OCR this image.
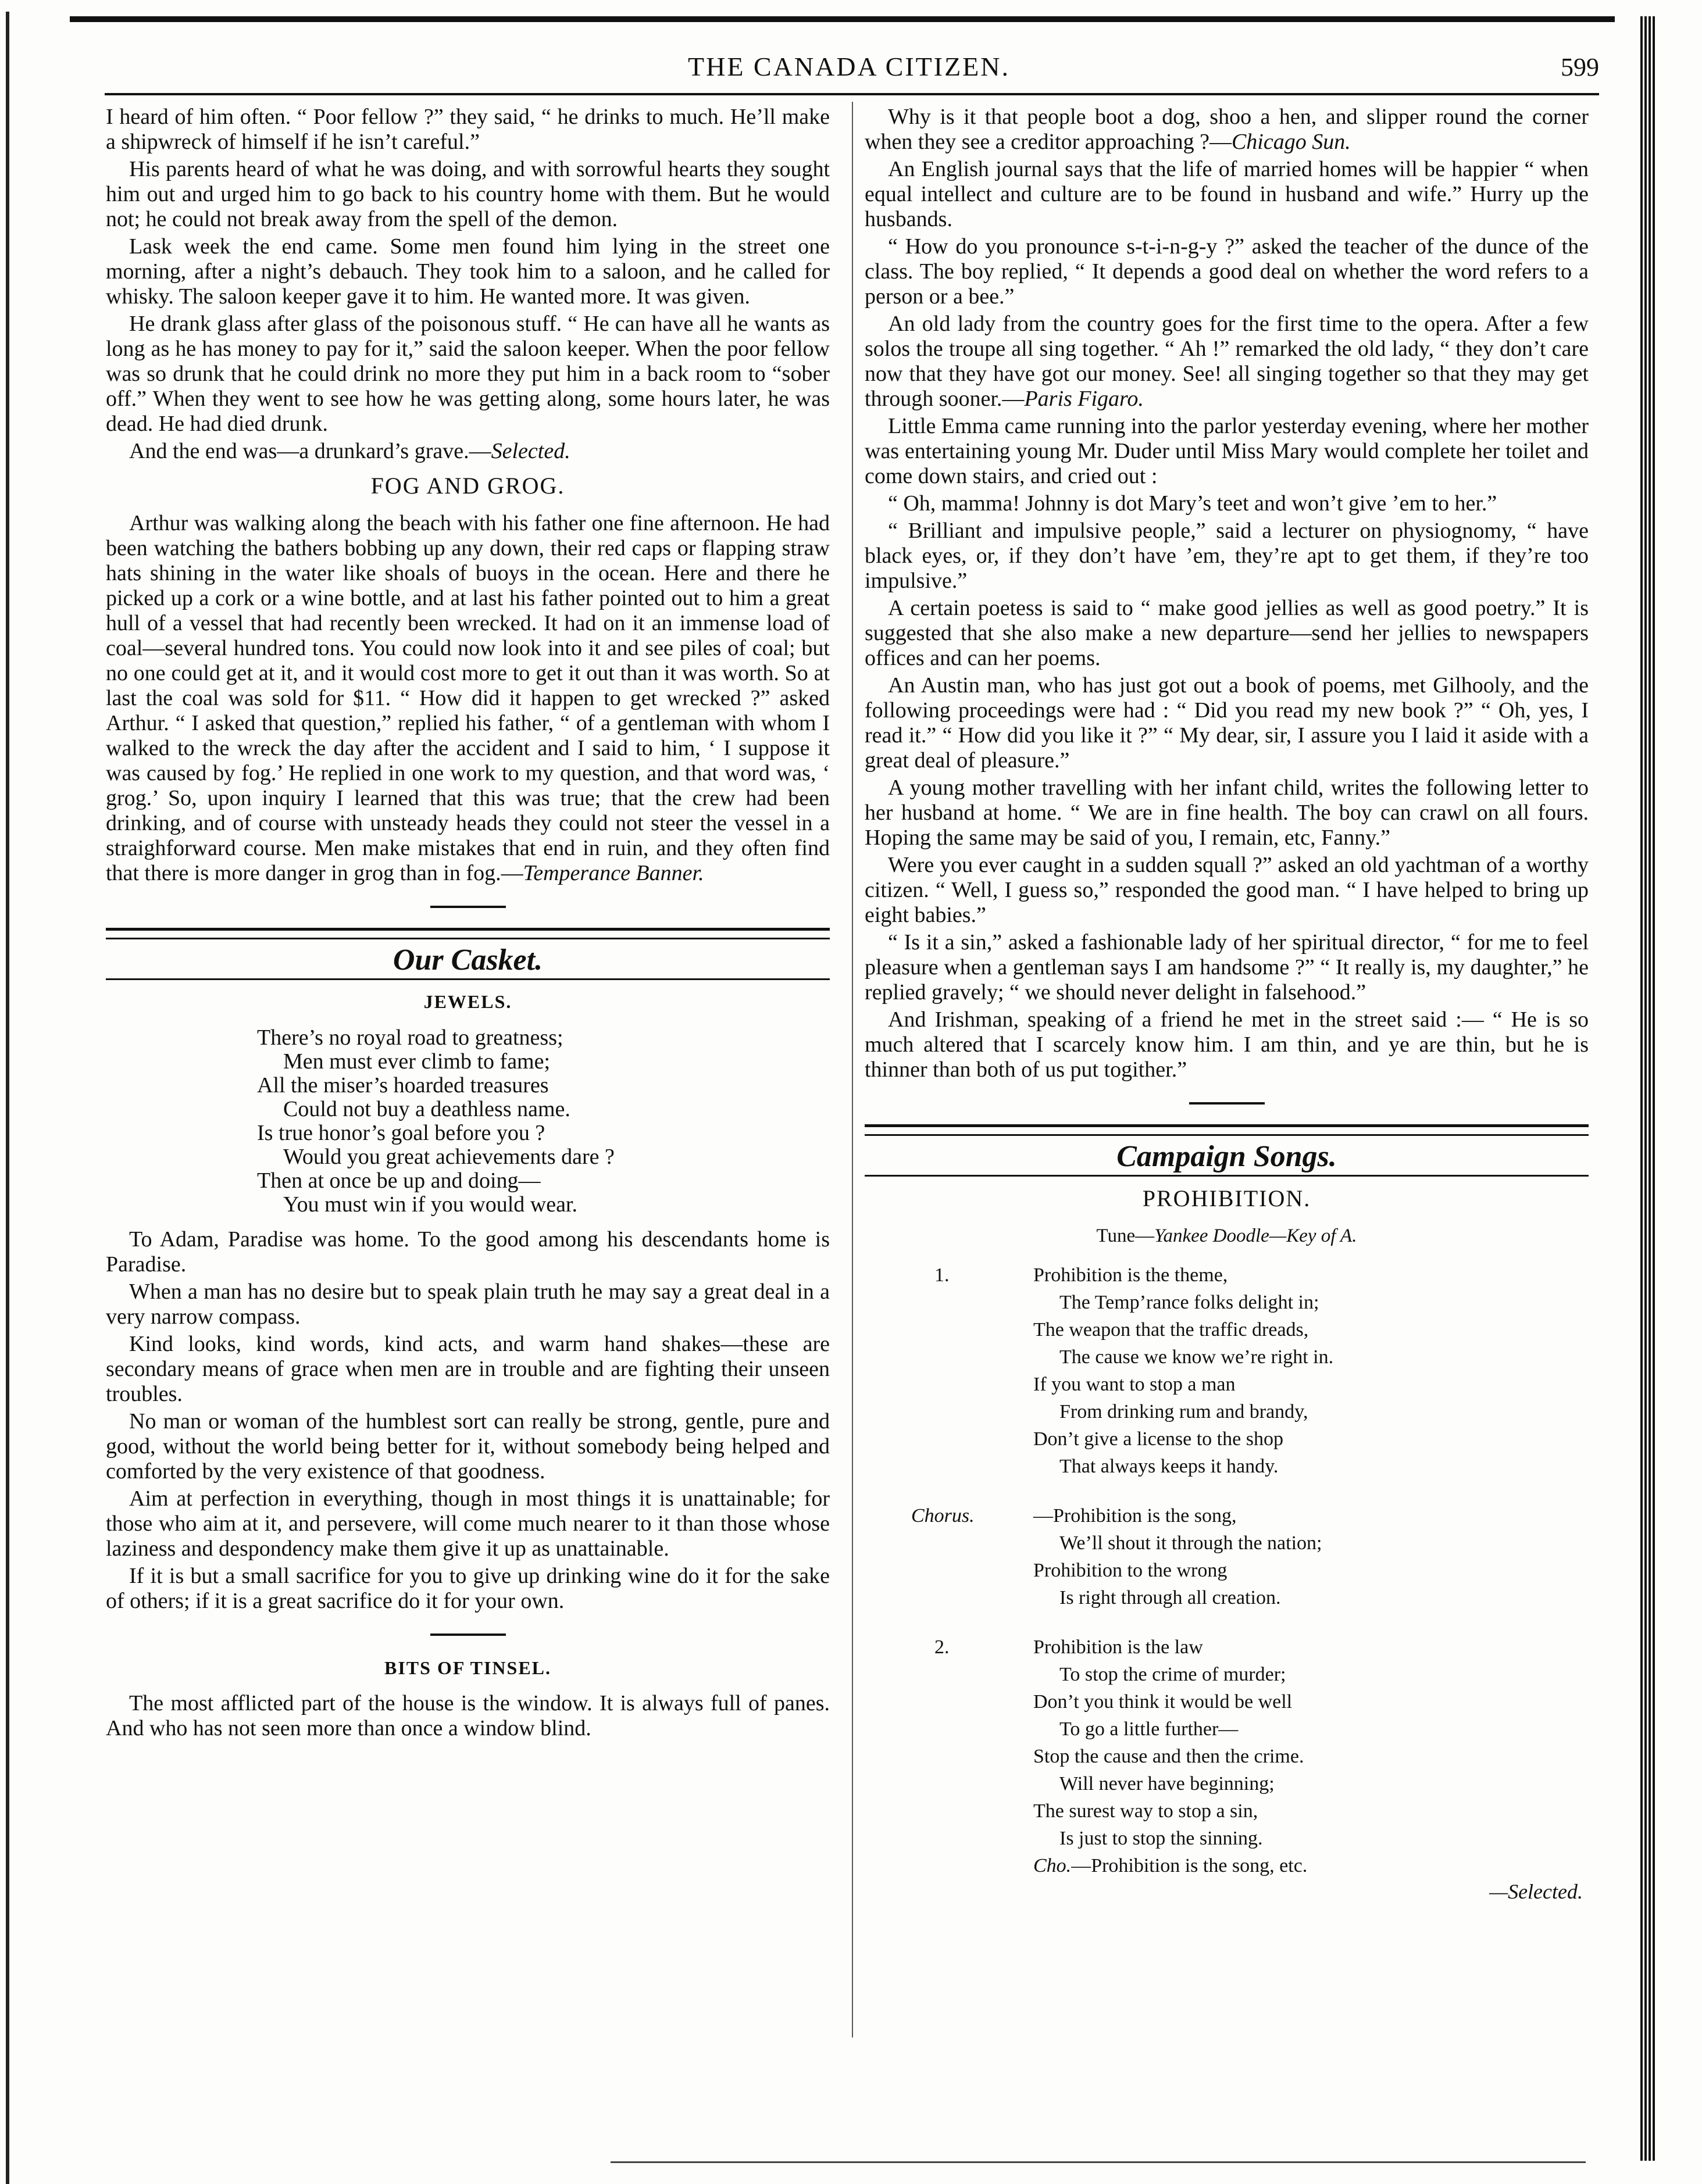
THE CANADA CITIZEN.	599

I heard of him often. “ Poor fellow ?” they said, “ he drinks to much. He’ll make a shipwreck of himself if he isn’t careful.”

His parents heard of what he was doing, and with sorrowful hearts they sought him out and urged him to go back to his country home with them. But he would not; he could not break away from the spell of the demon.

Lask week the end came. Some men found him lying in the street one morning, after a night’s debauch. They took him to a saloon, and he called for whisky. The saloon keeper gave it to him. He wanted more. It was given.

He drank glass after glass of the poisonous stuff. “ He can have all he wants as long as he has money to pay for it,” said the saloon keeper. When the poor fellow was so drunk that he could drink no more they put him in a back room to “sober off.” When they went to see how he was getting along, some hours later, he was dead. He had died drunk.

And the end was—a drunkard’s grave.—Selected.

FOG AND GROG.

Arthur was walking along the beach with his father one fine afternoon. He had been watching the bathers bobbing up any down, their red caps or flapping straw hats shining in the water like shoals of buoys in the ocean. Here and there he picked up a cork or a wine bottle, and at last his father pointed out to him a great hull of a vessel that had recently been wrecked. It had on it an immense load of coal—several hundred tons. You could now look into it and see piles of coal; but no one could get at it, and it would cost more to get it out than it was worth. So at last the coal was sold for $11. “ How did it happen to get wrecked ?” asked Arthur. “ I asked that question,” replied his father, “ of a gentleman with whom I walked to the wreck the day after the accident and I said to him, ‘ I suppose it was caused by fog.’ He replied in one work to my question, and that word was, ‘ grog.’ So, upon inquiry I learned that this was true; that the crew had been drinking, and of course with unsteady heads they could not steer the vessel in a straighforward course. Men make mistakes that end in ruin, and they often find that there is more danger in grog than in fog.—Temperance Banner.

Our Casket.
JEWELS.
There’s no royal road to greatness;
Men must ever climb to fame;
All the miser’s hoarded treasures
Could not buy a deathless name.
Is true honor’s goal before you ?
Would you great achievements dare ?
Then at once be up and doing—
You must win if you would wear.

To Adam, Paradise was home. To the good among his descendants home is Paradise.

When a man has no desire but to speak plain truth he may say a great deal in a very narrow compass.

Kind looks, kind words, kind acts, and warm hand shakes—these are secondary means of grace when men are in trouble and are fighting their unseen troubles.

No man or woman of the humblest sort can really be strong, gentle, pure and good, without the world being better for it, without somebody being helped and comforted by the very existence of that goodness.

Aim at perfection in everything, though in most things it is unattainable; for those who aim at it, and persevere, will come much nearer to it than those whose laziness and despondency make them give it up as unattainable.

If it is but a small sacrifice for you to give up drinking wine do it for the sake of others; if it is a great sacrifice do it for your own.

BITS OF TINSEL.

The most afflicted part of the house is the window. It is always full of panes. And who has not seen more than once a window blind.

Why is it that people boot a dog, shoo a hen, and slipper round the corner when they see a creditor approaching ?—Chicago Sun.

An English journal says that the life of married homes will be happier “ when equal intellect and culture are to be found in husband and wife.” Hurry up the husbands.

“ How do you pronounce s-t-i-n-g-y ?” asked the teacher of the dunce of the class. The boy replied, “ It depends a good deal on whether the word refers to a person or a bee.”

An old lady from the country goes for the first time to the opera. After a few solos the troupe all sing together. “ Ah !” remarked the old lady, “ they don’t care now that they have got our money. See! all singing together so that they may get through sooner.—Paris Figaro.

Little Emma came running into the parlor yesterday evening, where her mother was entertaining young Mr. Duder until Miss Mary would complete her toilet and come down stairs, and cried out :

“ Oh, mamma! Johnny is dot Mary’s teet and won’t give ’em to her.”

“ Brilliant and impulsive people,” said a lecturer on physiognomy, “ have black eyes, or, if they don’t have ’em, they’re apt to get them, if they’re too impulsive.”

A certain poetess is said to “ make good jellies as well as good poetry.” It is suggested that she also make a new departure—send her jellies to newspapers offices and can her poems.

An Austin man, who has just got out a book of poems, met Gilhooly, and the following proceedings were had : “ Did you read my new book ?” “ Oh, yes, I read it.” “ How did you like it ?” “ My dear, sir, I assure you I laid it aside with a great deal of pleasure.”

A young mother travelling with her infant child, writes the following letter to her husband at home. “ We are in fine health. The boy can crawl on all fours. Hoping the same may be said of you, I remain, etc, Fanny.”

Were you ever caught in a sudden squall ?” asked an old yachtman of a worthy citizen. “ Well, I guess so,” responded the good man. “ I have helped to bring up eight babies.”

“ Is it a sin,” asked a fashionable lady of her spiritual director, “ for me to feel pleasure when a gentleman says I am handsome ?” “ It really is, my daughter,” he replied gravely; “ we should never delight in falsehood.”

And Irishman, speaking of a friend he met in the street said :— “ He is so much altered that I scarcely know him. I am thin, and ye are thin, but he is thinner than both of us put togither.”

Campaign Songs.
PROHIBITION.
Tune—Yankee Doodle—Key of A.
1.	Prohibition is the theme,
The Temp’rance folks delight in;
The weapon that the traffic dreads,
The cause we know we’re right in.
If you want to stop a man
From drinking rum and brandy,
Don’t give a license to the shop
That always keeps it handy.
Chorus.	—Prohibition is the song,
We’ll shout it through the nation;
Prohibition to the wrong
Is right through all creation.
2.	Prohibition is the law
To stop the crime of murder;
Don’t you think it would be well
To go a little further—
Stop the cause and then the crime.
Will never have beginning;
The surest way to stop a sin,
Is just to stop the sinning.
Cho.—Prohibition is the song, etc.
—Selected.
